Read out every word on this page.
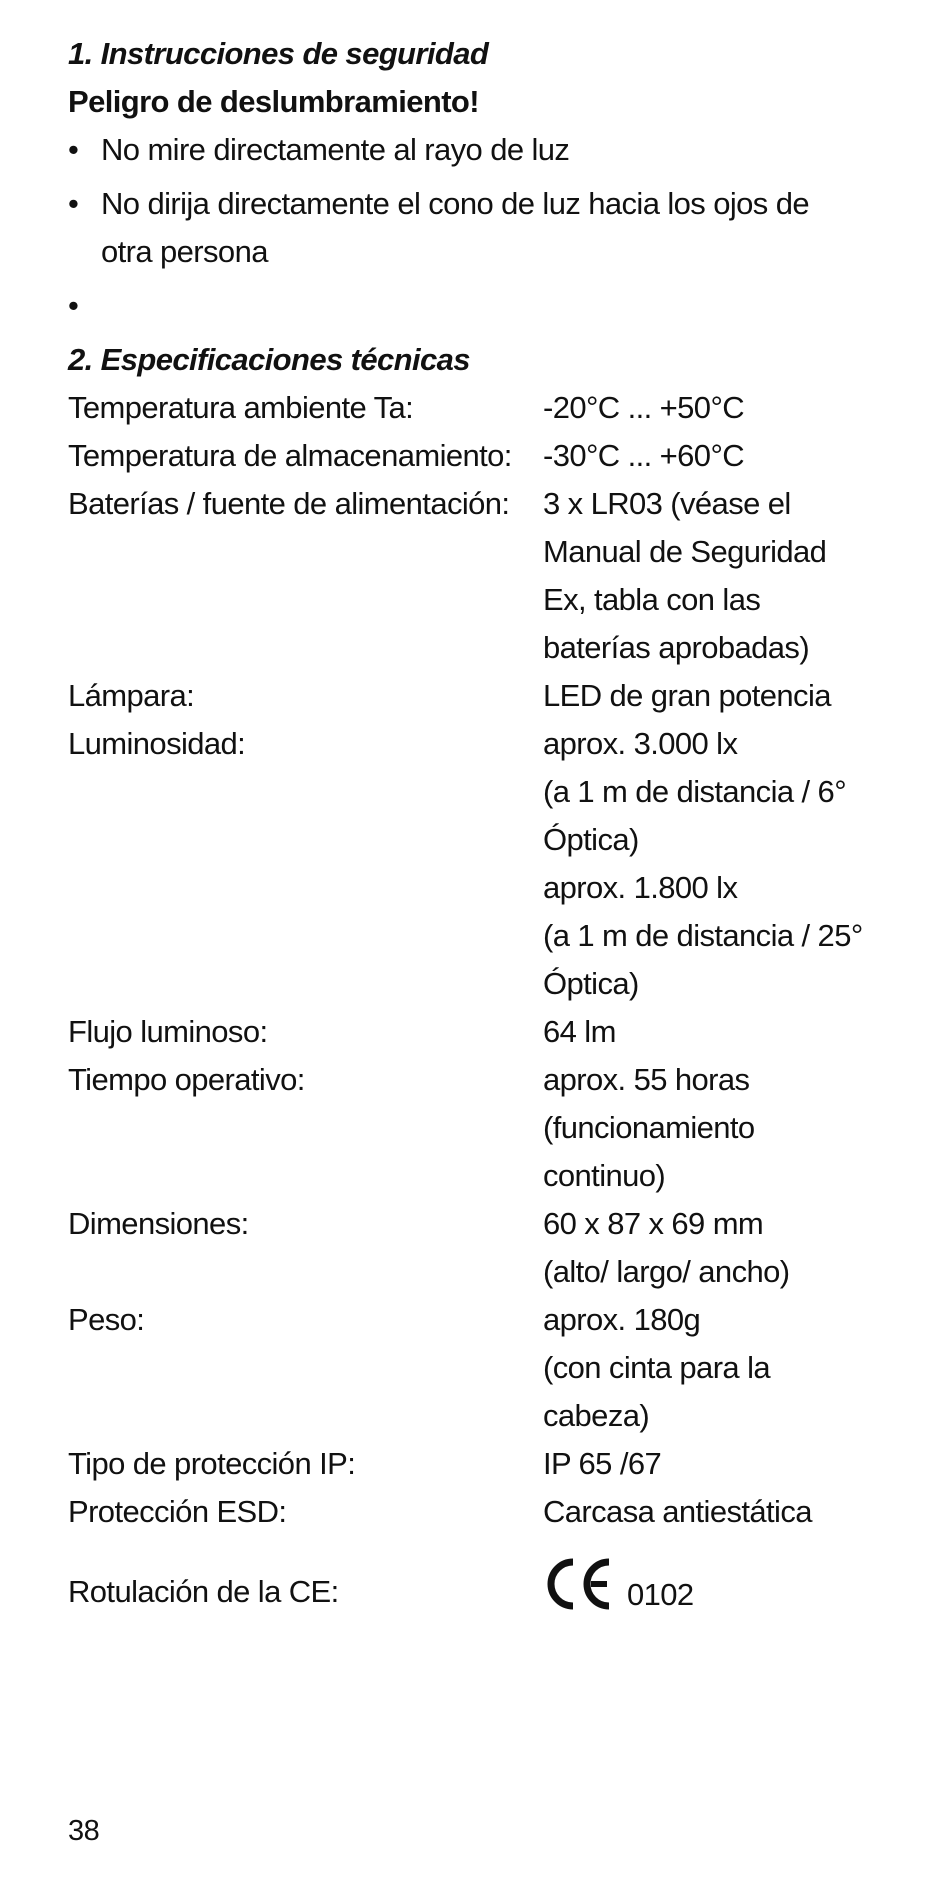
1. Instrucciones de seguridad
Peligro de deslumbramiento!
• No mire directamente al rayo de luz
• No dirija directamente el cono de luz hacia los ojos de
otra persona
•

2. Especificaciones técnicas
Temperatura ambiente Ta:	-20°C ... +50°C
Temperatura de almacenamiento:	-30°C ... +60°C
Baterías / fuente de alimentación:	3 x LR03 (véase el
Manual de Seguridad
Ex, tabla con las
baterías aprobadas)
Lámpara:	LED de gran potencia
Luminosidad:	aprox. 3.000 lx
(a 1 m de distancia / 6°
Óptica)
aprox. 1.800 lx
(a 1 m de distancia / 25°
Óptica)
Flujo luminoso:	64 lm
Tiempo operativo:	aprox. 55 horas
(funcionamiento
continuo)
Dimensiones:	60 x 87 x 69 mm
(alto/ largo/ ancho)
Peso:	aprox. 180g
(con cinta para la
cabeza)
Tipo de protección IP:	IP 65 /67
Protección ESD:	Carcasa antiestática
Rotulación de la CE:	0102
38
